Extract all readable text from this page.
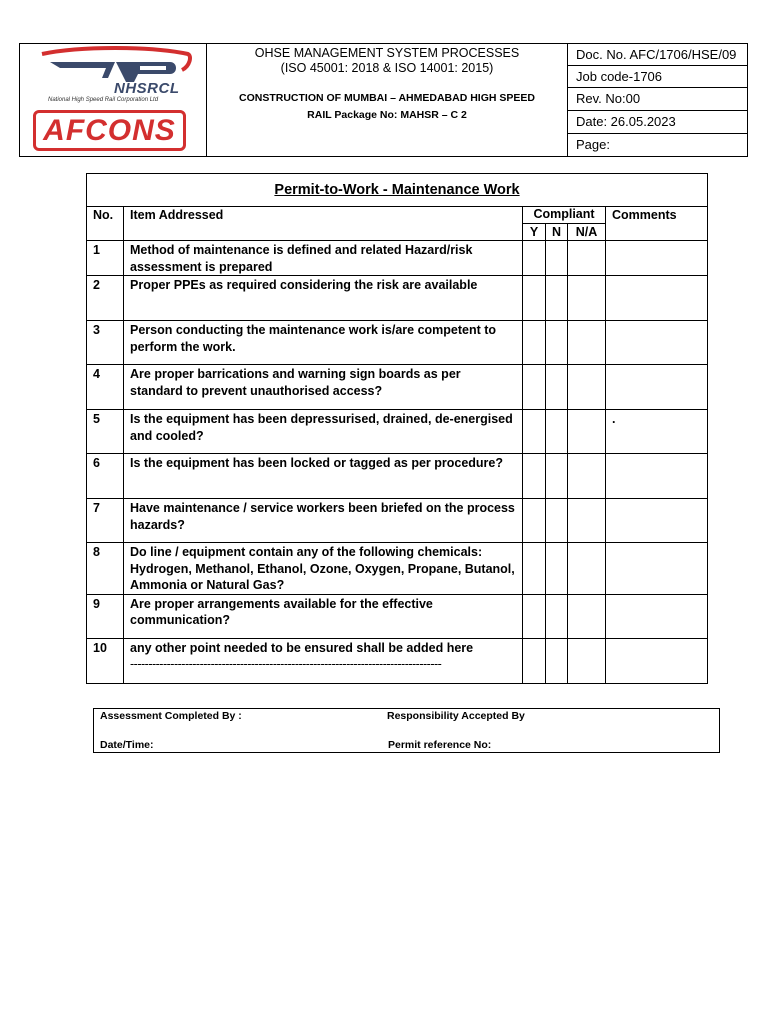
NHSRCL
National High Speed Rail Corporation Ltd
AFCONS
OHSE MANAGEMENT SYSTEM PROCESSES
(ISO 45001: 2018 & ISO 14001: 2015)
CONSTRUCTION OF MUMBAI – AHMEDABAD HIGH SPEED
RAIL Package No: MAHSR – C 2
Doc. No. AFC/1706/HSE/09
Job code-1706
Rev. No:00
Date: 26.05.2023
Page:
Permit-to-Work - Maintenance Work					
No.	Item Addressed	Compliant			Comments
		Y	N	N/A	
1	Method of maintenance is defined and related Hazard/risk assessment is prepared				
2	Proper PPEs as required considering the risk are available				
3	Person conducting the maintenance work is/are competent to perform the work.				
4	Are proper barrications and warning sign boards as per standard to prevent unauthorised access?				
5	Is the equipment has been depressurised, drained, de-energised and cooled?				.
6	Is the equipment has been locked or tagged as per procedure?				
7	Have maintenance / service workers been briefed on the process hazards?				
8	Do line / equipment contain any of the following chemicals: Hydrogen, Methanol, Ethanol, Ozone, Oxygen, Propane, Butanol, Ammonia or Natural Gas?				
9	Are proper arrangements available for the effective communication?				
10	any other point needed to be ensured shall be added here
-------------------------------------------------------------------------------------				

Assessment Completed By :	Responsibility Accepted By
Date/Time:	Permit reference No:
